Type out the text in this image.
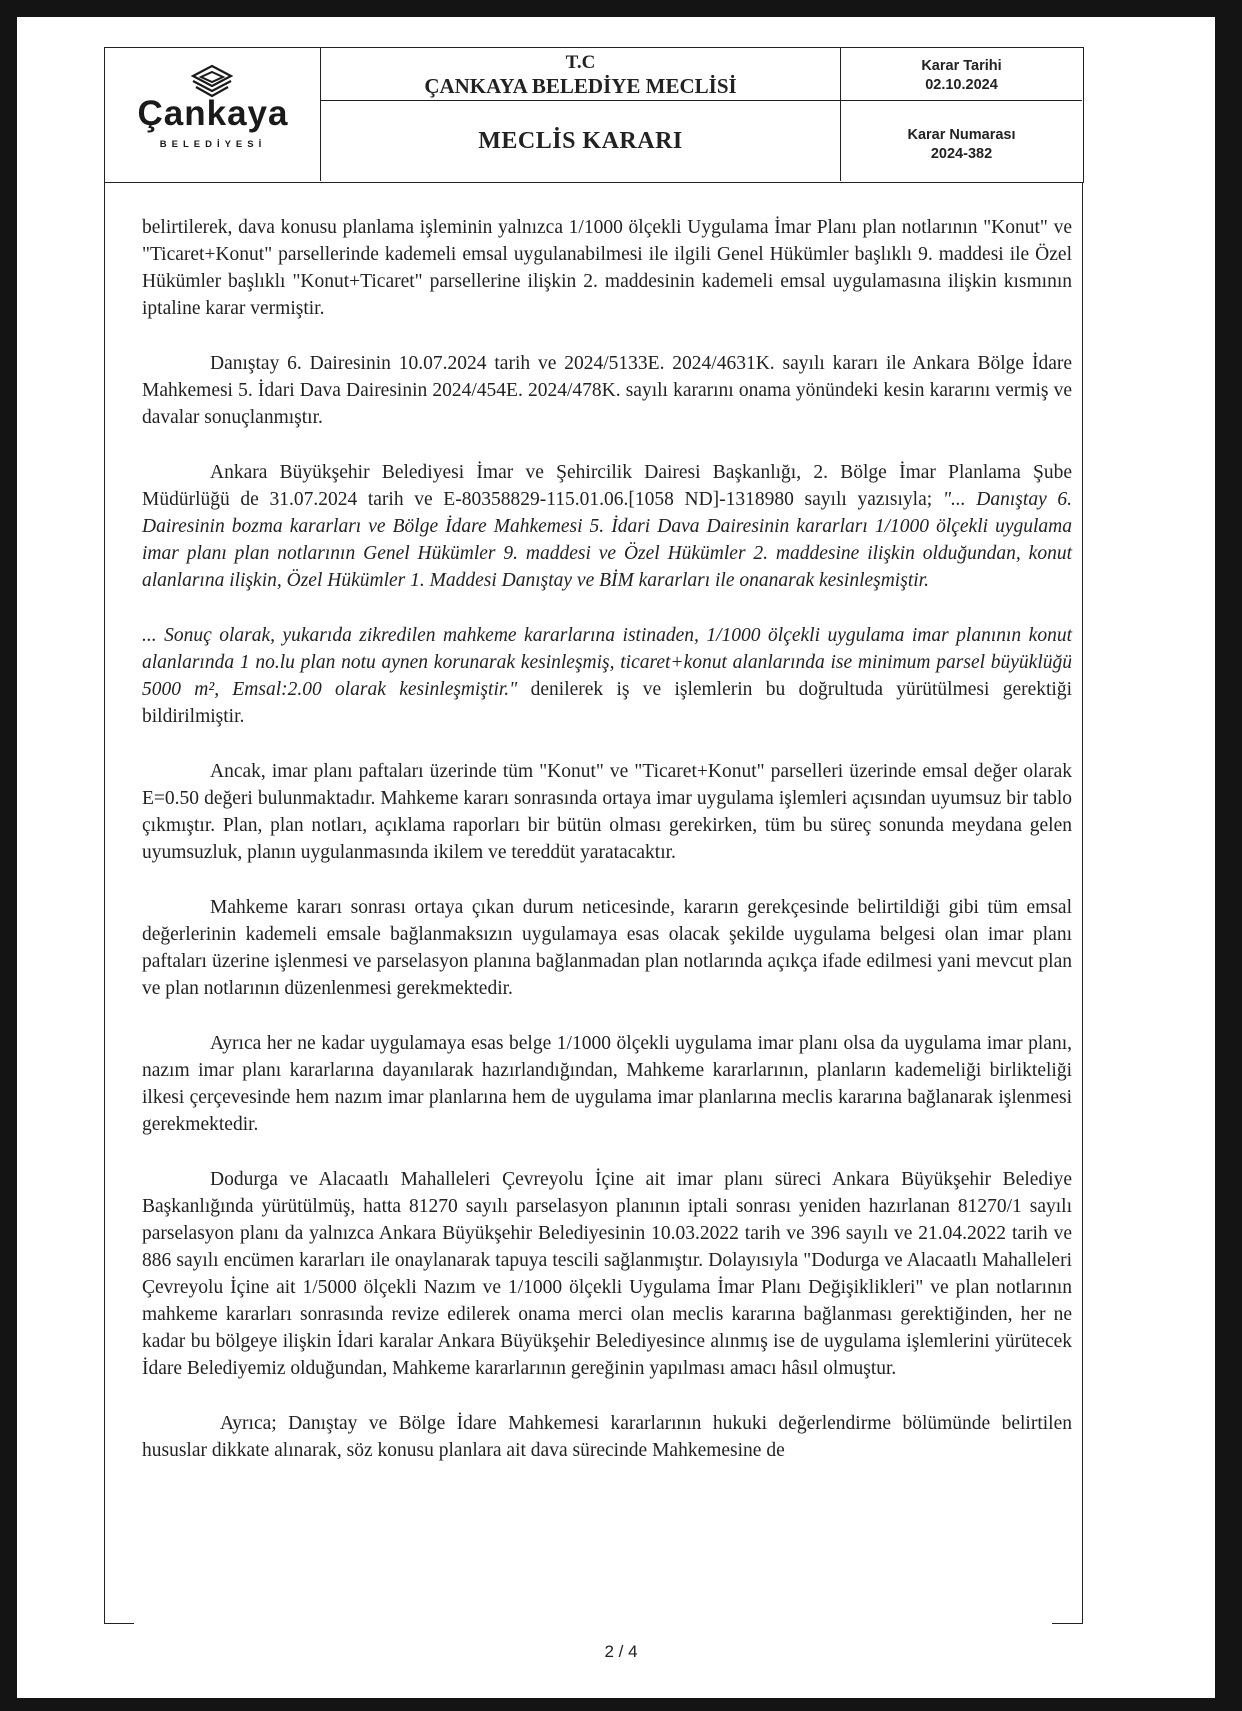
Çankaya
BELEDİYESİ
T.C
ÇANKAYA BELEDİYE MECLİSİ
MECLİS KARARI
Karar Tarihi
02.10.2024
Karar Numarası
2024-382

belirtilerek, dava konusu planlama işleminin yalnızca 1/1000 ölçekli Uygulama İmar Planı plan notlarının "Konut" ve "Ticaret+Konut" parsellerinde kademeli emsal uygulanabilmesi ile ilgili Genel Hükümler başlıklı 9. maddesi ile Özel Hükümler başlıklı "Konut+Ticaret" parsellerine ilişkin 2. maddesinin kademeli emsal uygulamasına ilişkin kısmının iptaline karar vermiştir.

Danıştay 6. Dairesinin 10.07.2024 tarih ve 2024/5133E. 2024/4631K. sayılı kararı ile Ankara Bölge İdare Mahkemesi 5. İdari Dava Dairesinin 2024/454E. 2024/478K. sayılı kararını onama yönündeki kesin kararını vermiş ve davalar sonuçlanmıştır.

Ankara Büyükşehir Belediyesi İmar ve Şehircilik Dairesi Başkanlığı, 2. Bölge İmar Planlama Şube Müdürlüğü de 31.07.2024 tarih ve E-80358829-115.01.06.[1058 ND]-1318980 sayılı yazısıyla; "... Danıştay 6. Dairesinin bozma kararları ve Bölge İdare Mahkemesi 5. İdari Dava Dairesinin kararları 1/1000 ölçekli uygulama imar planı plan notlarının Genel Hükümler 9. maddesi ve Özel Hükümler 2. maddesine ilişkin olduğundan, konut alanlarına ilişkin, Özel Hükümler 1. Maddesi Danıştay ve BİM kararları ile onanarak kesinleşmiştir.

... Sonuç olarak, yukarıda zikredilen mahkeme kararlarına istinaden, 1/1000 ölçekli uygulama imar planının konut alanlarında 1 no.lu plan notu aynen korunarak kesinleşmiş, ticaret+konut alanlarında ise minimum parsel büyüklüğü 5000 m², Emsal:2.00 olarak kesinleşmiştir." denilerek iş ve işlemlerin bu doğrultuda yürütülmesi gerektiği bildirilmiştir.

Ancak, imar planı paftaları üzerinde tüm "Konut" ve "Ticaret+Konut" parselleri üzerinde emsal değer olarak E=0.50 değeri bulunmaktadır. Mahkeme kararı sonrasında ortaya imar uygulama işlemleri açısından uyumsuz bir tablo çıkmıştır. Plan, plan notları, açıklama raporları bir bütün olması gerekirken, tüm bu süreç sonunda meydana gelen uyumsuzluk, planın uygulanmasında ikilem ve tereddüt yaratacaktır.

Mahkeme kararı sonrası ortaya çıkan durum neticesinde, kararın gerekçesinde belirtildiği gibi tüm emsal değerlerinin kademeli emsale bağlanmaksızın uygulamaya esas olacak şekilde uygulama belgesi olan imar planı paftaları üzerine işlenmesi ve parselasyon planına bağlanmadan plan notlarında açıkça ifade edilmesi yani mevcut plan ve plan notlarının düzenlenmesi gerekmektedir.

Ayrıca her ne kadar uygulamaya esas belge 1/1000 ölçekli uygulama imar planı olsa da uygulama imar planı, nazım imar planı kararlarına dayanılarak hazırlandığından, Mahkeme kararlarının, planların kademeliği birlikteliği ilkesi çerçevesinde hem nazım imar planlarına hem de uygulama imar planlarına meclis kararına bağlanarak işlenmesi gerekmektedir.

Dodurga ve Alacaatlı Mahalleleri Çevreyolu İçine ait imar planı süreci Ankara Büyükşehir Belediye Başkanlığında yürütülmüş, hatta 81270 sayılı parselasyon planının iptali sonrası yeniden hazırlanan 81270/1 sayılı parselasyon planı da yalnızca Ankara Büyükşehir Belediyesinin 10.03.2022 tarih ve 396 sayılı ve 21.04.2022 tarih ve 886 sayılı encümen kararları ile onaylanarak tapuya tescili sağlanmıştır. Dolayısıyla "Dodurga ve Alacaatlı Mahalleleri Çevreyolu İçine ait 1/5000 ölçekli Nazım ve 1/1000 ölçekli Uygulama İmar Planı Değişiklikleri" ve plan notlarının mahkeme kararları sonrasında revize edilerek onama merci olan meclis kararına bağlanması gerektiğinden, her ne kadar bu bölgeye ilişkin İdari karalar Ankara Büyükşehir Belediyesince alınmış ise de uygulama işlemlerini yürütecek İdare Belediyemiz olduğundan, Mahkeme kararlarının gereğinin yapılması amacı hâsıl olmuştur.

Ayrıca; Danıştay ve Bölge İdare Mahkemesi kararlarının hukuki değerlendirme bölümünde belirtilen hususlar dikkate alınarak, söz konusu planlara ait dava sürecinde Mahkemesine de

2 / 4
